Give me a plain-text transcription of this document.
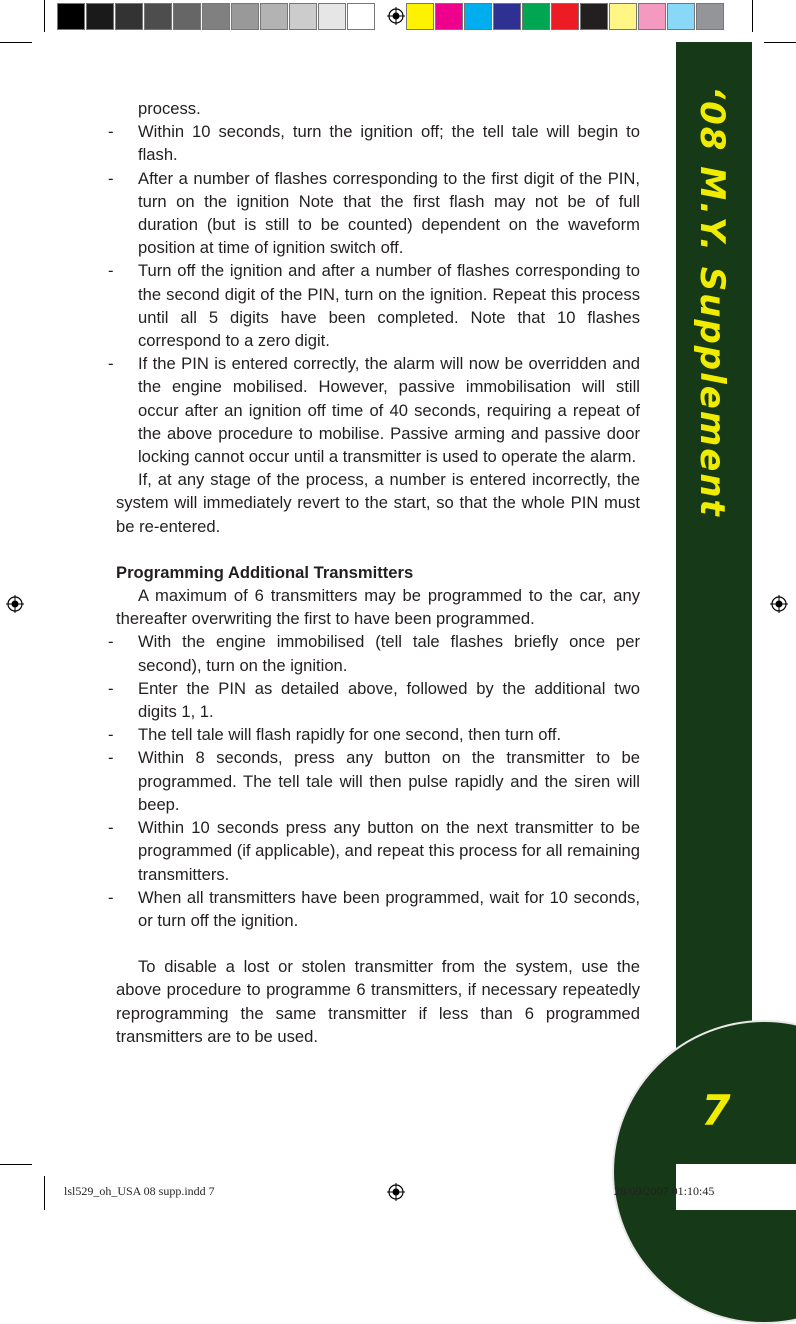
‘08 M.Y. Supplement
7

process.

- Within 10 seconds, turn the ignition off; the tell tale will begin to flash.

- After a number of flashes corresponding to the first digit of the PIN, turn on the ignition Note that the first flash may not be of full duration (but is still to be counted) dependent on the waveform position at time of ignition switch off.

- Turn off the ignition and after a number of flashes corresponding to the second digit of the PIN, turn on the ignition. Repeat this process until all 5 digits have been completed. Note that 10 flashes correspond to a zero digit.

- If the PIN is entered correctly, the alarm will now be overridden and the engine mobilised. However, passive immobilisation will still occur after an ignition off time of 40 seconds, requiring a repeat of the above procedure to mobilise. Passive arming and passive door locking cannot occur until a transmitter is used to operate the alarm.

If, at any stage of the process, a number is entered incorrectly, the system will immediately revert to the start, so that the whole PIN must be re-entered.

Programming Additional Transmitters

A maximum of 6 transmitters may be programmed to the car, any thereafter overwriting the first to have been programmed.

- With the engine immobilised (tell tale flashes briefly once per second), turn on the ignition.

- Enter the PIN as detailed above, followed by the additional two digits 1, 1.

- The tell tale will flash rapidly for one second, then turn off.

- Within 8 seconds, press any button on the transmitter to be programmed. The tell tale will then pulse rapidly and the siren will beep.

- Within 10 seconds press any button on the next transmitter to be programmed (if applicable), and repeat this process for all remaining transmitters.

- When all transmitters have been programmed, wait for 10 seconds, or turn off the ignition.

To disable a lost or stolen transmitter from the system, use the above procedure to programme 6 transmitters, if necessary repeatedly reprogramming the same transmitter if less than 6 programmed transmitters are to be used.

lsl529_oh_USA 08 supp.indd 7	28/09/2007 01:10:45
